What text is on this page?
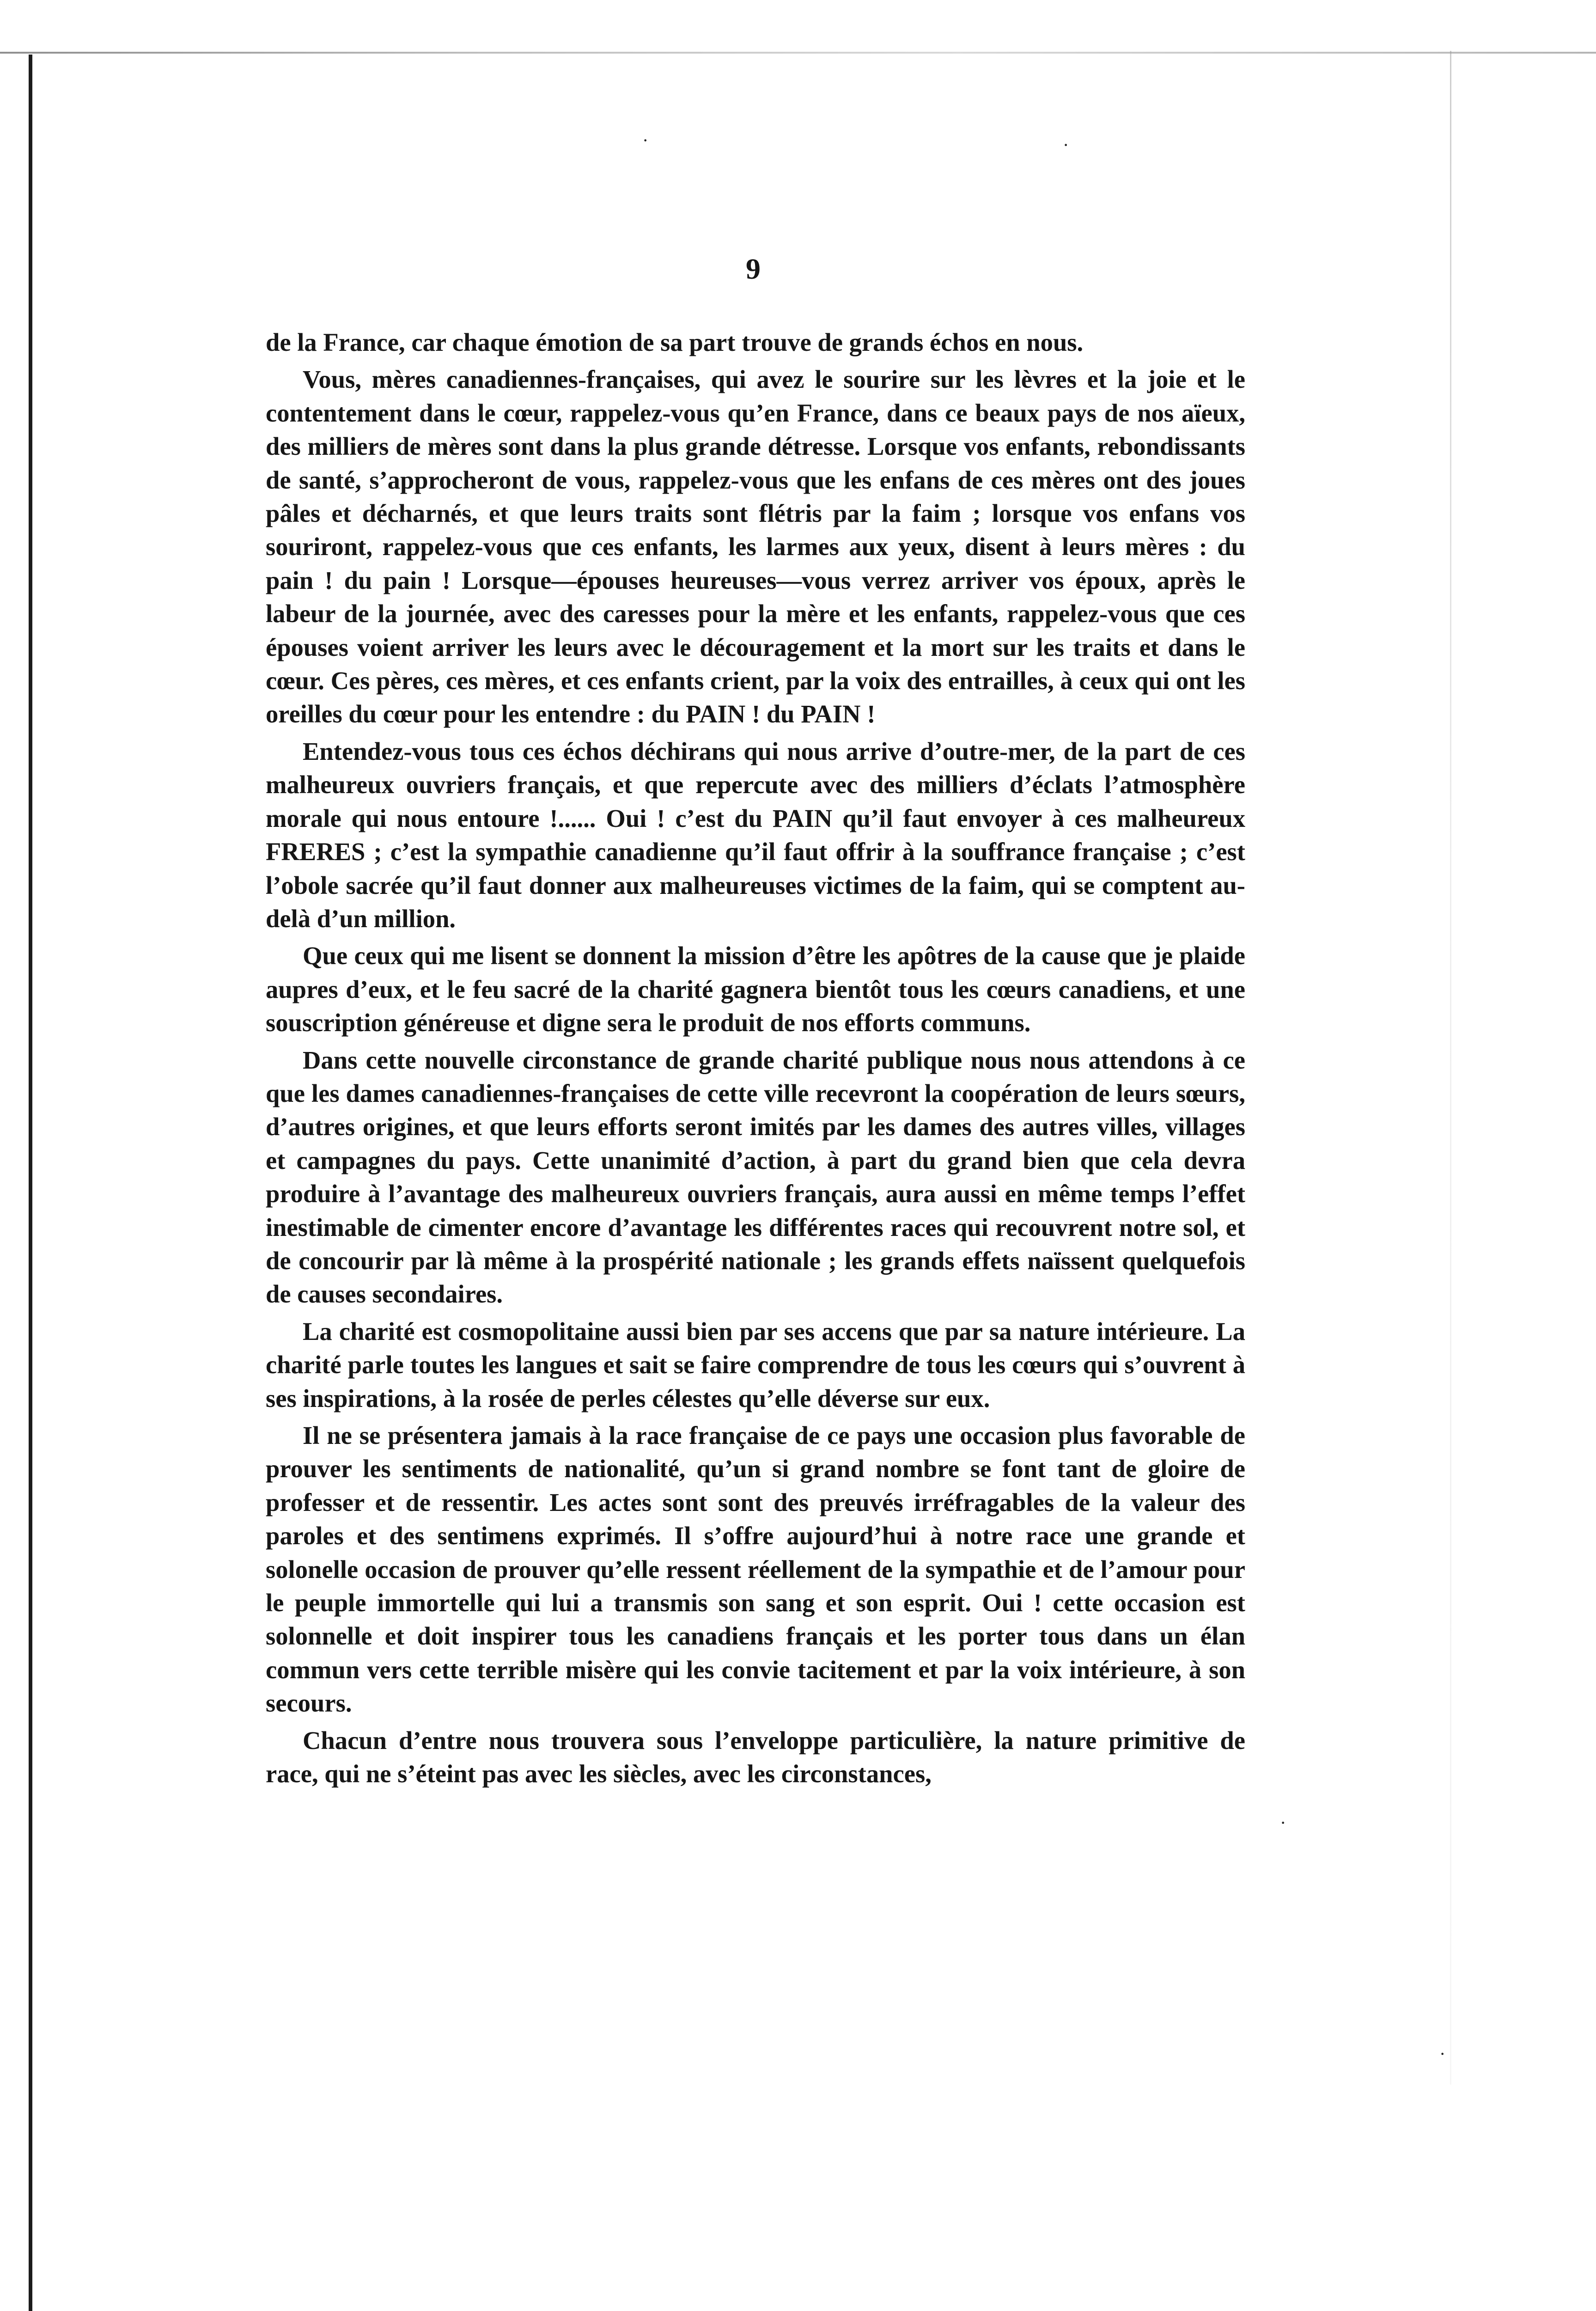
·	·
·
·
9

de la France, car chaque émotion de sa part trouve de grands échos en nous.

Vous, mères canadiennes-françaises, qui avez le sourire sur les lèvres et la joie et le contentement dans le cœur, rappelez-vous qu’en France, dans ce beaux pays de nos aïeux, des milliers de mères sont dans la plus grande détresse. Lorsque vos enfants, rebondissants de santé, s’approcheront de vous, rappelez-vous que les enfans de ces mères ont des joues pâles et décharnés, et que leurs traits sont flétris par la faim ; lorsque vos enfans vos souriront, rappelez-vous que ces enfants, les larmes aux yeux, disent à leurs mères : du pain ! du pain ! Lorsque—épouses heureuses—vous verrez arriver vos époux, après le labeur de la journée, avec des caresses pour la mère et les enfants, rappelez-vous que ces épouses voient arriver les leurs avec le découragement et la mort sur les traits et dans le cœur. Ces pères, ces mères, et ces enfants crient, par la voix des entrailles, à ceux qui ont les oreilles du cœur pour les entendre : du PAIN ! du PAIN !

Entendez-vous tous ces échos déchirans qui nous arrive d’outre-mer, de la part de ces malheureux ouvriers français, et que repercute avec des milliers d’éclats l’atmosphère morale qui nous entoure !...... Oui ! c’est du PAIN qu’il faut envoyer à ces malheureux FRERES ; c’est la sympathie canadienne qu’il faut offrir à la souffrance française ; c’est l’obole sacrée qu’il faut donner aux malheureuses victimes de la faim, qui se comptent au-delà d’un million.

Que ceux qui me lisent se donnent la mission d’être les apôtres de la cause que je plaide aupres d’eux, et le feu sacré de la charité gagnera bientôt tous les cœurs canadiens, et une souscription généreuse et digne sera le produit de nos efforts communs.

Dans cette nouvelle circonstance de grande charité publique nous nous attendons à ce que les dames canadiennes-françaises de cette ville recevront la coopération de leurs sœurs, d’autres origines, et que leurs efforts seront imités par les dames des autres villes, villages et campagnes du pays. Cette unanimité d’action, à part du grand bien que cela devra produire à l’avantage des malheureux ouvriers français, aura aussi en même temps l’effet inestimable de cimenter encore d’avantage les différentes races qui recouvrent notre sol, et de concourir par là même à la prospérité nationale ; les grands effets naïssent quelquefois de causes secondaires.

La charité est cosmopolitaine aussi bien par ses accens que par sa nature intérieure. La charité parle toutes les langues et sait se faire comprendre de tous les cœurs qui s’ouvrent à ses inspirations, à la rosée de perles célestes qu’elle déverse sur eux.

Il ne se présentera jamais à la race française de ce pays une occasion plus favorable de prouver les sentiments de nationalité, qu’un si grand nombre se font tant de gloire de professer et de ressentir. Les actes sont sont des preuvés irréfragables de la valeur des paroles et des sentimens exprimés. Il s’offre aujourd’hui à notre race une grande et solonelle occasion de prouver qu’elle ressent réellement de la sympathie et de l’amour pour le peuple immortelle qui lui a transmis son sang et son esprit. Oui ! cette occasion est solonnelle et doit inspirer tous les canadiens français et les porter tous dans un élan commun vers cette terrible misère qui les convie tacitement et par la voix intérieure, à son secours.

Chacun d’entre nous trouvera sous l’enveloppe particulière, la nature primitive de race, qui ne s’éteint pas avec les siècles, avec les circonstances,
